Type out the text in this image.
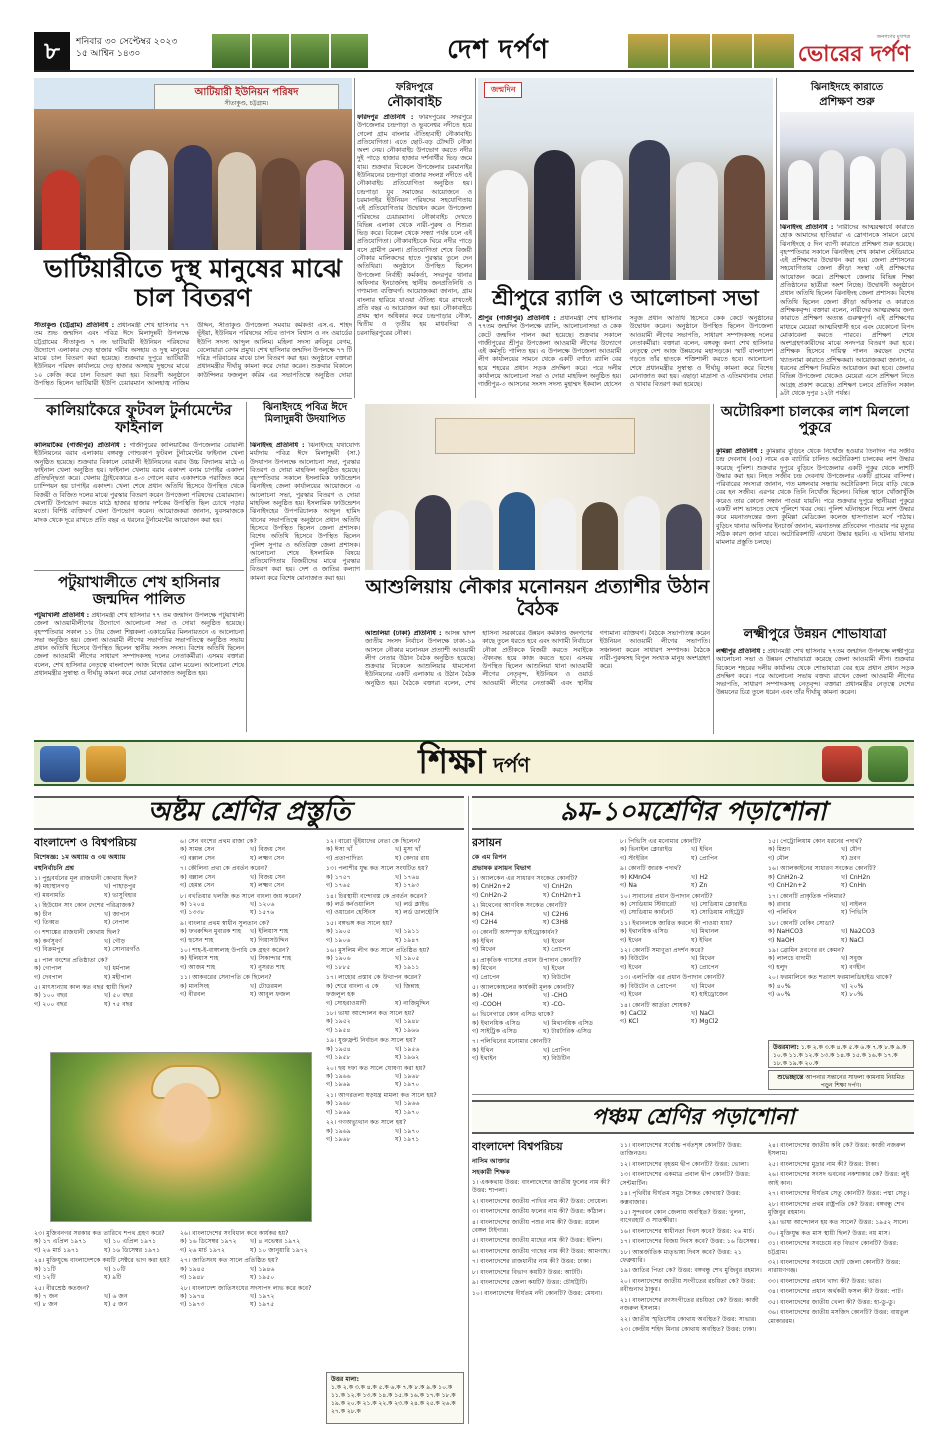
৮	শনিবার ৩০ সেপ্টেম্বর ২০২৩
১৫ আশ্বিন ১৪৩০	দেশ দর্পণ	জনগণের মুখপত্র
ভোরের দর্পণ
আটিয়ারী ইউনিয়ন পরিষদ
সীতাকুণ্ড, চট্টগ্রাম।
ভাটিয়ারীতে দুস্থ মানুষের মাঝে চাল বিতরণ
সীতাকুণ্ড (চট্টগ্রাম) প্রতিনিধি : প্রধানমন্ত্রী শেখ হাসিনার ৭৭ তম শুভ জন্মদিন এবং পবিত্র ঈদে মিলাদুন্নবী উপলক্ষে চট্টগ্রামের সীতাকুণ্ড ৭ নং ভাটিয়ারী ইউনিয়ন পরিষদের উদ্যোগে এলাকার দেড় হাজার গরীব অসহায় ও দুস্থ মানুষের মাঝে চাল বিতরণ করা হয়েছে। শুক্রবার দুপুরে ভাটিয়ারী ইউনিয়ন পরিষদ কার্যালয়ে দেড় হাজার অসহায় দুস্থদের মাঝে ১০ কেজি করে চাল বিতরণ করা হয়। বিতরণী অনুষ্ঠানে উপস্থিত ছিলেন ভাটিয়ারী ইউপি চেয়ারম্যান আলহাজ্ব নাজিম উদ্দিন, সীতাকুণ্ড উপজেলা সমবায় কর্মকর্তা এস.এ. শহিদ ভূঁইয়া, ইউনিয়ন পরিষদের সচিব তাপস বিশ্বাস ও নং ওয়ার্ডের ইউপি সদস্য আব্দুল আলিম। মহিলা সদস্য রুবিনুর বেগম, বেলোয়ারা বেগম প্রমুখ। শেখ হাসিনার জন্মদিন উপলক্ষে ৭৭ টি দরিদ্র পরিবারের মাঝে চাল বিতরণ করা হয়। অনুষ্ঠানে বক্তারা প্রধানমন্ত্রীর দীর্ঘায়ু কামনা করে দোয়া করেন। শুক্রবার বিকালে কাউন্সিলর ফজলুল করিম এর সভাপতিত্বে অনুষ্ঠিত দোয়া
ফরিদপুরে
নৌকাবাইচ
ফরিদপুর প্রতিনিধি : ফরিদপুরের সদরপুরে উপজেলার চন্দ্রপাড়া ও ভুবনেশ্বর নদীতে হয়ে গেলো গ্রাম বাংলার ঐতিহ্যবাহী নৌকাবাইচ প্রতিযোগিতা। এতে ছোট-বড় চৌদ্দটি নৌকা অংশ নেয়। নৌকাবাইচ উপভোগ করতে নদীর দুই পাড়ে হাজার হাজার দর্শনার্থীর ভিড় জমে যায়। শুক্রবার বিকেলে উপজেলার চরমানাইর ইউনিয়নের চন্দ্রপাড়া বাজার সংলগ্ন নদীতে এই নৌকাবাইচ প্রতিযোগিতা অনুষ্ঠিত হয়। চন্দ্রপাড়া যুব সমাজের আয়োজনে ও চরমানাইর ইউনিয়ন পরিষদের সহযোগিতায় এই প্রতিযোগিতার উদ্বোধন করেন উপজেলা পরিষদের চেয়ারম্যান। নৌকাবাইচ দেখতে বিভিন্ন এলাকা থেকে নারী-পুরুষ ও শিশুরা ভিড় করে। বিকেল থেকে সন্ধ্যা পর্যন্ত চলে এই প্রতিযোগিতা। নৌকাবাইচকে ঘিরে নদীর পাড়ে বসে গ্রামীণ মেলা। প্রতিযোগিতা শেষে বিজয়ী নৌকার মালিকদের হাতে পুরস্কার তুলে দেন অতিথিরা। অনুষ্ঠানে উপস্থিত ছিলেন উপজেলা নির্বাহী কর্মকর্তা, সদরপুর থানার অফিসার ইনচার্জসহ স্থানীয় জনপ্রতিনিধি ও গণ্যমান্য ব্যক্তিবর্গ। আয়োজকরা জানান, গ্রাম বাংলার হারিয়ে যাওয়া ঐতিহ্য ধরে রাখতেই প্রতি বছর এ আয়োজন করা হয়। নৌকাবাইচে প্রথম স্থান অধিকার করে চন্দ্রপাড়ার নৌকা, দ্বিতীয় ও তৃতীয় হয় মাধবদিয়া ও চরনাছিরপুরের নৌকা।
জন্মদিন
শ্রীপুরে র‍্যালি ও আলোচনা সভা
শ্রীপুর (গাজীপুর) প্রতিনিধি : প্রধানমন্ত্রী শেখ হাসিনার ৭৭তম জন্মদিন উপলক্ষে র‍্যালি, আলোচনাসভা ও কেক কেটে জন্মদিন পালন করা হয়েছে। শুক্রবার সকালে গাজীপুরের শ্রীপুর উপজেলা আওয়ামী লীগের উদ্যোগে এই কর্মসূচি পালিত হয়। এ উপলক্ষে উপজেলা আওয়ামী লীগ কার্যালয়ের সামনে থেকে একটি বর্ণাঢ্য র‍্যালি বের হয়ে শহরের প্রধান সড়ক প্রদক্ষিণ করে। পরে দলীয় কার্যালয়ে আলোচনা সভা ও দোয়া মাহফিল অনুষ্ঠিত হয়। গাজীপুর-৩ আসনের সংসদ সদস্য মুহাম্মদ ইকবাল হোসেন সবুজ প্রধান অতিথি হিসেবে কেক কেটে অনুষ্ঠানের উদ্বোধন করেন। অনুষ্ঠানে উপস্থিত ছিলেন উপজেলা আওয়ামী লীগের সভাপতি, সাধারণ সম্পাদকসহ দলের নেতাকর্মীরা। বক্তারা বলেন, বঙ্গবন্ধু কন্যা শেখ হাসিনার নেতৃত্বে দেশ আজ উন্নয়নের মহাসড়কে। স্মার্ট বাংলাদেশ গড়তে তাঁর হাতকে শক্তিশালী করতে হবে। আলোচনা শেষে প্রধানমন্ত্রীর সুস্বাস্থ্য ও দীর্ঘায়ু কামনা করে বিশেষ মোনাজাত করা হয়। এছাড়া মাদ্রাসা ও এতিমখানায় দোয়া ও খাবার বিতরণ করা হয়েছে।
ঝিনাইদহে কারাতে
প্রশিক্ষণ শুরু
ঝিনাইদহ প্রতিনিধি : 'নারীদের আত্মরক্ষার্থে কারাতে হোক আমাদের হাতিয়ার' এ স্লোগানকে সামনে রেখে ঝিনাইদহে ৫ দিন ব্যাপী কারাতে প্রশিক্ষণ শুরু হয়েছে। বৃহস্পতিবার সকালে ঝিনাইদহ শেখ কামাল স্টেডিয়ামে এই প্রশিক্ষণের উদ্বোধন করা হয়। জেলা প্রশাসনের সহযোগিতায় জেলা ক্রীড়া সংস্থা এই প্রশিক্ষণের আয়োজন করে। প্রশিক্ষণে জেলার বিভিন্ন শিক্ষা প্রতিষ্ঠানের ছাত্রীরা অংশ নিচ্ছে। উদ্বোধনী অনুষ্ঠানে প্রধান অতিথি ছিলেন ঝিনাইদহ জেলা প্রশাসক। বিশেষ অতিথি ছিলেন জেলা ক্রীড়া অফিসার ও কারাতে প্রশিক্ষকবৃন্দ। বক্তারা বলেন, নারীদের আত্মরক্ষার জন্য কারাতে প্রশিক্ষণ অত্যন্ত গুরুত্বপূর্ণ। এই প্রশিক্ষণের মাধ্যমে মেয়েরা আত্মবিশ্বাসী হবে এবং যেকোনো বিপদ মোকাবেলা করতে পারবে। প্রশিক্ষণ শেষে অংশগ্রহণকারীদের মাঝে সনদপত্র বিতরণ করা হবে। প্রশিক্ষক হিসেবে দায়িত্ব পালন করছেন দেশের খ্যাতনামা কারাতে প্রশিক্ষকরা। আয়োজকরা জানান, এ ধরনের প্রশিক্ষণ নিয়মিত আয়োজন করা হবে। জেলার বিভিন্ন উপজেলা থেকেও মেয়েরা এসে প্রশিক্ষণ নিতে আগ্রহ প্রকাশ করেছে। প্রশিক্ষণ চলবে প্রতিদিন সকাল ৯টা থেকে দুপুর ১২টা পর্যন্ত।
কালিয়াকৈরে ফুটবল টুর্নামেন্টের ফাইনাল
কালিয়াকৈর (গাজীপুর) প্রতিনিধি : গাজীপুরের কালিয়াকৈর উপজেলার বোয়ালী ইউনিয়নের বরাব এলাকায় বঙ্গবন্ধু গোল্ডকাপ ফুটবল টুর্নামেন্টের ফাইনাল খেলা অনুষ্ঠিত হয়েছে। শুক্রবার বিকালে বোয়ালী ইউনিয়নের বরাব উচ্চ বিদ্যালয় মাঠে এ ফাইনাল খেলা অনুষ্ঠিত হয়। ফাইনাল খেলায় বরাব একাদশ বনাম চাপাইর একাদশ প্রতিদ্বন্দ্বিতা করে। খেলায় ট্রাইবেকারে ৪-৩ গোলে বরাব একাদশকে পরাজিত করে চ্যাম্পিয়ন হয় চাপাইর একাদশ। খেলা শেষে প্রধান অতিথি হিসেবে উপস্থিত থেকে বিজয়ী ও বিজিত দলের মাঝে পুরস্কার বিতরণ করেন উপজেলা পরিষদের চেয়ারম্যান। খেলাটি উপভোগ করতে মাঠে হাজার হাজার দর্শকের উপস্থিতি ছিল চোখে পড়ার মতো। বিশিষ্ট ব্যক্তিবর্গ খেলা উপভোগ করেন। আয়োজকরা জানান, যুবসমাজকে মাদক থেকে দূরে রাখতে প্রতি বছর এ ধরনের টুর্নামেন্টের আয়োজন করা হয়।
ঝিনাইদহে পবিত্র ঈদে মিলাদুন্নবী উদযাপিত
ঝিনাইদহ প্রতিনিধি : ঝিনাইদহে যথাযোগ্য মর্যাদায় পবিত্র ঈদে মিলাদুন্নবী (সা.) উদযাপন উপলক্ষে আলোচনা সভা, পুরস্কার বিতরণ ও দোয়া মাহফিল অনুষ্ঠিত হয়েছে। বৃহস্পতিবার সকালে ইসলামিক ফাউন্ডেশন ঝিনাইদহ জেলা কার্যালয়ের আয়োজনে এ আলোচনা সভা, পুরস্কার বিতরণ ও দোয়া মাহফিল অনুষ্ঠিত হয়। ইসলামিক ফাউন্ডেশন ঝিনাইদহের উপপরিচালক আব্দুল হামিদ খানের সভাপতিত্বে অনুষ্ঠানে প্রধান অতিথি হিসেবে উপস্থিত ছিলেন জেলা প্রশাসক। বিশেষ অতিথি হিসেবে উপস্থিত ছিলেন পুলিশ সুপার ও অতিরিক্ত জেলা প্রশাসক। আলোচনা শেষে ইসলামিক বিষয়ে প্রতিযোগিতায় বিজয়ীদের মাঝে পুরস্কার বিতরণ করা হয়। দেশ ও জাতির কল্যাণ কামনা করে বিশেষ মোনাজাত করা হয়।
পটুয়াখালীতে শেখ হাসিনার জন্মদিন পালিত
পটুয়াখালী প্রতিনিধি : প্রধানমন্ত্রী শেখ হাসিনার ৭৭ তম জন্মদিন উপলক্ষে পটুয়াখালী জেলা আওয়ামীলীগের উদ্যোগে আলোচনা সভা ও দোয়া অনুষ্ঠিত হয়েছে। বৃহস্পতিবার সকাল ১১ টায় জেলা শিল্পকলা একাডেমির মিলনায়তনে এ আলোচনা সভা অনুষ্ঠিত হয়। জেলা আওয়ামী লীগের সভাপতির সভাপতিত্বে অনুষ্ঠিত সভায় প্রধান অতিথি হিসেবে উপস্থিত ছিলেন স্থানীয় সংসদ সদস্য। বিশেষ অতিথি ছিলেন জেলা আওয়ামী লীগের সাধারণ সম্পাদকসহ দলের নেতাকর্মীরা। এসময় বক্তারা বলেন, শেখ হাসিনার নেতৃত্বে বাংলাদেশ আজ বিশ্বের রোল মডেল। আলোচনা শেষে প্রধানমন্ত্রীর সুস্বাস্থ্য ও দীর্ঘায়ু কামনা করে দোয়া মোনাজাত অনুষ্ঠিত হয়।
আশুলিয়ায় নৌকার মনোনয়ন প্রত্যাশীর উঠান বৈঠক
আশুলিয়া (ঢাকা) প্রতিনিধি : আসন্ন দ্বাদশ জাতীয় সংসদ নির্বাচন উপলক্ষে ঢাকা-১৯ আসনে নৌকার মনোনয়ন প্রত্যাশী আওয়ামী লীগ নেতার উঠান বৈঠক অনুষ্ঠিত হয়েছে। শুক্রবার বিকেলে আশুলিয়ার ধামসোনা ইউনিয়নের একটি এলাকায় এ উঠান বৈঠক অনুষ্ঠিত হয়। বৈঠকে বক্তারা বলেন, শেখ হাসিনা সরকারের উন্নয়ন কর্মকাণ্ড জনগণের কাছে তুলে ধরতে হবে এবং আগামী নির্বাচনে নৌকা প্রতীককে বিজয়ী করতে সবাইকে ঐক্যবদ্ধ হয়ে কাজ করতে হবে। এসময় উপস্থিত ছিলেন আশুলিয়া থানা আওয়ামী লীগের নেতৃবৃন্দ, ইউনিয়ন ও ওয়ার্ড আওয়ামী লীগের নেতাকর্মী এবং স্থানীয় গণ্যমান্য ব্যক্তিবর্গ। বৈঠকে সভাপতিত্ব করেন ইউনিয়ন আওয়ামী লীগের সভাপতি। সঞ্চালনা করেন সাধারণ সম্পাদক। বৈঠকে নারী-পুরুষসহ বিপুল সংখ্যক মানুষ অংশগ্রহণ করে।
অটোরিকশা চালকের লাশ মিললো পুকুরে
কুমিল্লা প্রতিনিধি : কুমিল্লার বুড়িচং থেকে নিখোঁজ হওয়ার তিনদিন পর সজীব চন্দ্র দেবনাথ (৩৫) নামে এক ব্যাটারি চালিত অটোরিকশা চালকের লাশ উদ্ধার করেছে পুলিশ। শুক্রবার দুপুরে বুড়িচং উপজেলার একটি পুকুর থেকে লাশটি উদ্ধার করা হয়। নিহত সজীব চন্দ্র দেবনাথ উপজেলার একটি গ্রামের বাসিন্দা। পরিবারের সদস্যরা জানান, গত মঙ্গলবার সন্ধ্যায় অটোরিকশা নিয়ে বাড়ি থেকে বের হন সজীব। এরপর থেকে তিনি নিখোঁজ ছিলেন। বিভিন্ন স্থানে খোঁজাখুঁজি করেও তার কোনো সন্ধান পাওয়া যায়নি। পরে শুক্রবার দুপুরে স্থানীয়রা পুকুরে একটি লাশ ভাসতে দেখে পুলিশে খবর দেয়। পুলিশ ঘটনাস্থলে গিয়ে লাশ উদ্ধার করে ময়নাতদন্তের জন্য কুমিল্লা মেডিকেল কলেজ হাসপাতাল মর্গে পাঠায়। বুড়িচং থানার অফিসার ইনচার্জ জানান, ময়নাতদন্ত প্রতিবেদন পাওয়ার পর মৃত্যুর সঠিক কারণ জানা যাবে। অটোরিকশাটি এখনো উদ্ধার হয়নি। এ ঘটনায় থানায় মামলার প্রস্তুতি চলছে।
লক্ষ্মীপুরে উন্নয়ন শোভাযাত্রা
লক্ষ্মীপুর প্রতিনিধি : প্রধানমন্ত্রী শেখ হাসিনার ৭৭তম জন্মদিন উপলক্ষে লক্ষ্মীপুরে আলোচনা সভা ও উন্নয়ন শোভাযাত্রা করেছে জেলা আওয়ামী লীগ। শুক্রবার বিকেলে শহরের দলীয় কার্যালয় থেকে শোভাযাত্রা বের হয়ে প্রধান প্রধান সড়ক প্রদক্ষিণ করে। পরে আলোচনা সভায় বক্তব্য রাখেন জেলা আওয়ামী লীগের সভাপতি, সাধারণ সম্পাদকসহ নেতৃবৃন্দ। বক্তারা প্রধানমন্ত্রীর নেতৃত্বে দেশের উন্নয়নের চিত্র তুলে ধরেন এবং তাঁর দীর্ঘায়ু কামনা করেন।
শিক্ষা দর্পণ
অষ্টম শ্রেণির প্রস্তুতি
বাংলাদেশ ও বিশ্বপরিচয়
বিশেষজ্ঞ: ১ম অধ্যায় ও ৩য় অধ্যায়
বহুনির্বাচনি প্রশ্ন
১। পুন্ড্রবর্ধনের মূল রাজধানী কোথায় ছিল?
ক) মহাস্থানগড়	খ) পাহাড়পুর
গ) ময়নামতি	ঘ) ভাসুবিহার
২। হিউয়েন সাং কোন দেশের পরিব্রাজক?
ক) চীন	খ) জাপান
গ) তিব্বত	ঘ) নেপাল
৩। শশাঙ্কের রাজধানী কোথায় ছিল?
ক) কর্ণসুবর্ণ	খ) গৌড়
গ) বিক্রমপুর	ঘ) সোনারগাঁও
৪। পাল বংশের প্রতিষ্ঠাতা কে?
ক) গোপাল	খ) ধর্মপাল
গ) দেবপাল	ঘ) মহীপাল
৫। মাৎস্যন্যায় কাল কত বছর স্থায়ী ছিল?
ক) ১০০ বছর	খ) ৫০ বছর
গ) ২০০ বছর	ঘ) ৭৫ বছর
৬। সেন বংশের প্রথম রাজা কে?
ক) সামন্ত সেন	খ) বিজয় সেন
গ) বল্লাল সেন	ঘ) লক্ষ্মণ সেন
৭। কৌলিন্য প্রথা কে প্রবর্তন করেন?
ক) বল্লাল সেন	খ) বিজয় সেন
গ) হেমন্ত সেন	ঘ) লক্ষ্মণ সেন
৮। বখতিয়ার খলজি কত সালে বাংলা জয় করেন?
ক) ১২০৪	খ) ১২০৬
গ) ১৩৩৮	ঘ) ১৫৭৬
৯। বাংলার প্রথম স্বাধীন সুলতান কে?
ক) ফখরুদ্দিন মুবারক শাহ	খ) ইলিয়াস শাহ
গ) হুসেন শাহ	ঘ) গিয়াসউদ্দিন
১০। শাহ-ই-বাঙ্গালাহ উপাধি কে গ্রহণ করেন?
ক) ইলিয়াস শাহ	খ) সিকান্দার শাহ
গ) আজম শাহ	ঘ) নুসরত শাহ
১১। আকবরের সেনাপতি কে ছিলেন?
ক) মানসিংহ	খ) টোডরমল
গ) বীরবল	ঘ) আবুল ফজল
১২। বারো ভূঁইয়াদের নেতা কে ছিলেন?
ক) ঈসা খাঁ	খ) মুসা খাঁ
গ) প্রতাপাদিত্য	ঘ) কেদার রায়
১৩। পলাশীর যুদ্ধ কত সালে সংঘটিত হয়?
ক) ১৭৫৭	খ) ১৭৬৪
গ) ১৭৬৫	ঘ) ১৭৯৩
১৪। চিরস্থায়ী বন্দোবস্ত কে প্রবর্তন করেন?
ক) লর্ড কর্নওয়ালিস	খ) লর্ড ক্লাইভ
গ) ওয়ারেন হেস্টিংস	ঘ) লর্ড ডালহৌসি
১৫। বঙ্গভঙ্গ কত সালে হয়?
ক) ১৯০৫	খ) ১৯১১
গ) ১৯০৬	ঘ) ১৯৪৭
১৬। মুসলিম লীগ কত সালে প্রতিষ্ঠিত হয়?
ক) ১৯০৬	খ) ১৯০৫
গ) ১৮৮৫	ঘ) ১৯১১
১৭। লাহোর প্রস্তাব কে উত্থাপন করেন?
ক) শেরে বাংলা এ কে ফজলুল হক
খ) জিন্নাহ
গ) সোহরাওয়ার্দী	ঘ) নাজিমুদ্দিন
১৮। ভাষা আন্দোলন কত সালে হয়?
ক) ১৯৫২	খ) ১৯৪৮
গ) ১৯৫৪	ঘ) ১৯৬৬
১৯। যুক্তফ্রন্ট নির্বাচন কত সালে হয়?
ক) ১৯৫৪	খ) ১৯৫৬
গ) ১৯৫৮	ঘ) ১৯৬২
২০। ছয় দফা কত সালে ঘোষণা করা হয়?
ক) ১৯৬৬	খ) ১৯৬৮
গ) ১৯৬৯	ঘ) ১৯৭০
২১। আগরতলা ষড়যন্ত্র মামলা কত সালে হয়?
ক) ১৯৬৮	খ) ১৯৬৬
গ) ১৯৬৯	ঘ) ১৯৭০
২২। গণঅভ্যুত্থান কত সালে হয়?
ক) ১৯৬৯	খ) ১৯৭০
গ) ১৯৬৮	ঘ) ১৯৭১
২৩। মুজিবনগর সরকার কত তারিখে শপথ গ্রহণ করে?
ক) ১৭ এপ্রিল ১৯৭১	খ) ১০ এপ্রিল ১৯৭১
গ) ২৬ মার্চ ১৯৭১	ঘ) ১৬ ডিসেম্বর ১৯৭১
২৪। মুক্তিযুদ্ধে বাংলাদেশকে কয়টি সেক্টরে ভাগ করা হয়?
ক) ১১টি	খ) ১০টি
গ) ১২টি	ঘ) ৯টি
২৫। বীরশ্রেষ্ঠ কতজন?
ক) ৭ জন	খ) ৬ জন
গ) ৮ জন	ঘ) ৫ জন
২৬। বাংলাদেশের সংবিধান কবে কার্যকর হয়?
ক) ১৬ ডিসেম্বর ১৯৭২	খ) ৪ নভেম্বর ১৯৭২
গ) ২৬ মার্চ ১৯৭২	ঘ) ১০ জানুয়ারি ১৯৭২
২৭। জাতিসংঘ কত সালে প্রতিষ্ঠিত হয়?
ক) ১৯৪৫	খ) ১৯৪৬
গ) ১৯৪৮	ঘ) ১৯৫০
২৮। বাংলাদেশ জাতিসংঘের সদস্যপদ লাভ করে কবে?
ক) ১৯৭৪	খ) ১৯৭২
গ) ১৯৭৩	ঘ) ১৯৭৫
উত্তর মালা:
১.ক ২.ক ৩.ক ৪.ক ৫.ক ৬.ক ৭.ক ৮.ক ৯.ক ১০.ক ১১.ক ১২.ক ১৩.ক ১৪.ক ১৫.ক ১৬.ক ১৭.ক ১৮.ক ১৯.ক ২০.ক ২১.ক ২২.ক ২৩.ক ২৪.ক ২৫.ক ২৬.ক ২৭.ক ২৮.ক
৯ম-১০মশ্রেণির পড়াশোনা
রসায়ন
কে এম রিপন
প্রভাষক রসায়ন বিভাগ
১। অ্যালকেন এর সাধারণ সংকেত কোনটি?
ক) CnH2n+2	খ) CnH2n
গ) CnH2n-2	ঘ) CnH2n+1
২। মিথেনের আণবিক সংকেত কোনটি?
ক) CH4	খ) C2H6
গ) C2H4	ঘ) C3H8
৩। কোনটি অসম্পৃক্ত হাইড্রোকার্বন?
ক) ইথিন	খ) ইথেন
গ) মিথেন	ঘ) প্রোপেন
৪। প্রাকৃতিক গ্যাসের প্রধান উপাদান কোনটি?
ক) মিথেন	খ) ইথেন
গ) প্রোপেন	ঘ) বিউটেন
৫। অ্যালকোহলের কার্যকরী মূলক কোনটি?
ক) -OH	খ) -CHO
গ) -COOH	ঘ) -CO-
৬। ভিনেগারে কোন এসিড থাকে?
ক) ইথানয়িক এসিড	খ) মিথানয়িক এসিড
গ) সাইট্রিক এসিড	ঘ) টারটারিক এসিড
৭। পলিথিনের মনোমার কোনটি?
ক) ইথিন	খ) প্রোপিন
গ) ইথাইন	ঘ) বিউটিন
৮। পিভিসি এর মনোমার কোনটি?
ক) ভিনাইল ক্লোরাইড	খ) ইথিন
গ) স্টাইরিন	ঘ) প্রোপিন
৯। কোনটি জারক পদার্থ?
ক) KMnO4	খ) H2
গ) Na	ঘ) Zn
১০। সাবানের প্রধান উপাদান কোনটি?
ক) সোডিয়াম স্টিয়ারেট	খ) সোডিয়াম ক্লোরাইড
গ) সোডিয়াম কার্বনেট	ঘ) সোডিয়াম নাইট্রেট
১১। ইথানলকে জারিত করলে কী পাওয়া যায়?
ক) ইথানয়িক এসিড	খ) মিথানল
গ) ইথেন	ঘ) ইথিন
১২। কোনটি সমাণুতা প্রদর্শন করে?
ক) বিউটেন	খ) মিথেন
গ) ইথেন	ঘ) প্রোপেন
১৩। এলপিজি এর প্রধান উপাদান কোনটি?
ক) বিউটেন ও প্রোপেন	খ) মিথেন
গ) ইথেন	ঘ) হাইড্রোজেন
১৪। কোনটি আর্দ্রতা শোষক?
ক) CaCl2	খ) NaCl
গ) KCl	ঘ) MgCl2
১৫। পেট্রোলিয়াম কোন ধরনের পদার্থ?
ক) মিশ্রণ	খ) যৌগ
গ) মৌল	ঘ) দ্রবণ
১৬। অ্যালকাইনের সাধারণ সংকেত কোনটি?
ক) CnH2n-2	খ) CnH2n
গ) CnH2n+2	ঘ) CnHn
১৭। কোনটি প্রাকৃতিক পলিমার?
ক) রাবার	খ) নাইলন
গ) পলিথিন	ঘ) পিভিসি
১৮। কোনটি বেকিং সোডা?
ক) NaHCO3	খ) Na2CO3
গ) NaOH	ঘ) NaCl
১৯। ব্রোমিন দ্রবণের রং কেমন?
ক) লালচে বাদামী	খ) সবুজ
গ) হলুদ	ঘ) বর্ণহীন
২০। ফরমালিনে কত শতাংশ ফরমালডিহাইড থাকে?
ক) ৪০%	খ) ২০%
গ) ৬০%	ঘ) ৮০%
উত্তরমালা: ১.ক ২.ক ৩.ক ৪.ক ৫.ক ৬.ক ৭.ক ৮.ক ৯.ক ১০.ক ১১.ক ১২.ক ১৩.ক ১৪.ক ১৫.ক ১৬.ক ১৭.ক ১৮.ক ১৯.ক ২০.ক
শুভেচ্ছান্তে আপনার সন্তানের সাফল্য কামনায় নিয়মিত পড়ুন শিক্ষা দর্পণ।
পঞ্চম শ্রেণির পড়াশোনা
বাংলাদেশ বিশ্বপরিচয়
নাসিম আক্তার
সহকারী শিক্ষক
১। এককথায় উত্তর: বাংলাদেশের জাতীয় ফুলের নাম কী? উত্তর: শাপলা।
২। বাংলাদেশের জাতীয় পাখির নাম কী? উত্তর: দোয়েল।
৩। বাংলাদেশের জাতীয় ফলের নাম কী? উত্তর: কাঁঠাল।
৪। বাংলাদেশের জাতীয় পশুর নাম কী? উত্তর: রয়েল বেঙ্গল টাইগার।
৫। বাংলাদেশের জাতীয় মাছের নাম কী? উত্তর: ইলিশ।
৬। বাংলাদেশের জাতীয় গাছের নাম কী? উত্তর: আমগাছ।
৭। বাংলাদেশের রাজধানীর নাম কী? উত্তর: ঢাকা।
৮। বাংলাদেশের বিভাগ কয়টি? উত্তর: আটটি।
৯। বাংলাদেশের জেলা কয়টি? উত্তর: চৌষট্টিটি।
১০। বাংলাদেশের দীর্ঘতম নদী কোনটি? উত্তর: মেঘনা।
১১। বাংলাদেশের সর্বোচ্চ পর্বতশৃঙ্গ কোনটি? উত্তর: তাজিনডং।
১২। বাংলাদেশের বৃহত্তম দ্বীপ কোনটি? উত্তর: ভোলা।
১৩। বাংলাদেশের একমাত্র প্রবাল দ্বীপ কোনটি? উত্তর: সেন্টমার্টিন।
১৪। পৃথিবীর দীর্ঘতম সমুদ্র সৈকত কোথায়? উত্তর: কক্সবাজার।
১৫। সুন্দরবন কোন জেলায় অবস্থিত? উত্তর: খুলনা, বাগেরহাট ও সাতক্ষীরা।
১৬। বাংলাদেশের স্বাধীনতা দিবস কবে? উত্তর: ২৬ মার্চ।
১৭। বাংলাদেশের বিজয় দিবস কবে? উত্তর: ১৬ ডিসেম্বর।
১৮। আন্তর্জাতিক মাতৃভাষা দিবস কবে? উত্তর: ২১ ফেব্রুয়ারি।
১৯। জাতির পিতা কে? উত্তর: বঙ্গবন্ধু শেখ মুজিবুর রহমান।
২০। বাংলাদেশের জাতীয় সংগীতের রচয়িতা কে? উত্তর: রবীন্দ্রনাথ ঠাকুর।
২১। বাংলাদেশের রণসংগীতের রচয়িতা কে? উত্তর: কাজী নজরুল ইসলাম।
২২। জাতীয় স্মৃতিসৌধ কোথায় অবস্থিত? উত্তর: সাভার।
২৩। কেন্দ্রীয় শহিদ মিনার কোথায় অবস্থিত? উত্তর: ঢাকা।
২৪। বাংলাদেশের জাতীয় কবি কে? উত্তর: কাজী নজরুল ইসলাম।
২৫। বাংলাদেশের মুদ্রার নাম কী? উত্তর: টাকা।
২৬। বাংলাদেশের সংসদ ভবনের নকশাকার কে? উত্তর: লুই আই কান।
২৭। বাংলাদেশের দীর্ঘতম সেতু কোনটি? উত্তর: পদ্মা সেতু।
২৮। বাংলাদেশের প্রথম রাষ্ট্রপতি কে? উত্তর: বঙ্গবন্ধু শেখ মুজিবুর রহমান।
২৯। ভাষা আন্দোলন হয় কত সালে? উত্তর: ১৯৫২ সালে।
৩০। মুক্তিযুদ্ধ কত মাস স্থায়ী ছিল? উত্তর: নয় মাস।
৩১। বাংলাদেশের সবচেয়ে বড় বিভাগ কোনটি? উত্তর: চট্টগ্রাম।
৩২। বাংলাদেশের সবচেয়ে ছোট জেলা কোনটি? উত্তর: নারায়ণগঞ্জ।
৩৩। বাংলাদেশের প্রধান খাদ্য কী? উত্তর: ভাত।
৩৪। বাংলাদেশের প্রধান অর্থকরী ফসল কী? উত্তর: পাট।
৩৫। বাংলাদেশের জাতীয় খেলা কী? উত্তর: হা-ডু-ডু।
৩৬। বাংলাদেশের জাতীয় মসজিদ কোনটি? উত্তর: বায়তুল মোকাররম।
